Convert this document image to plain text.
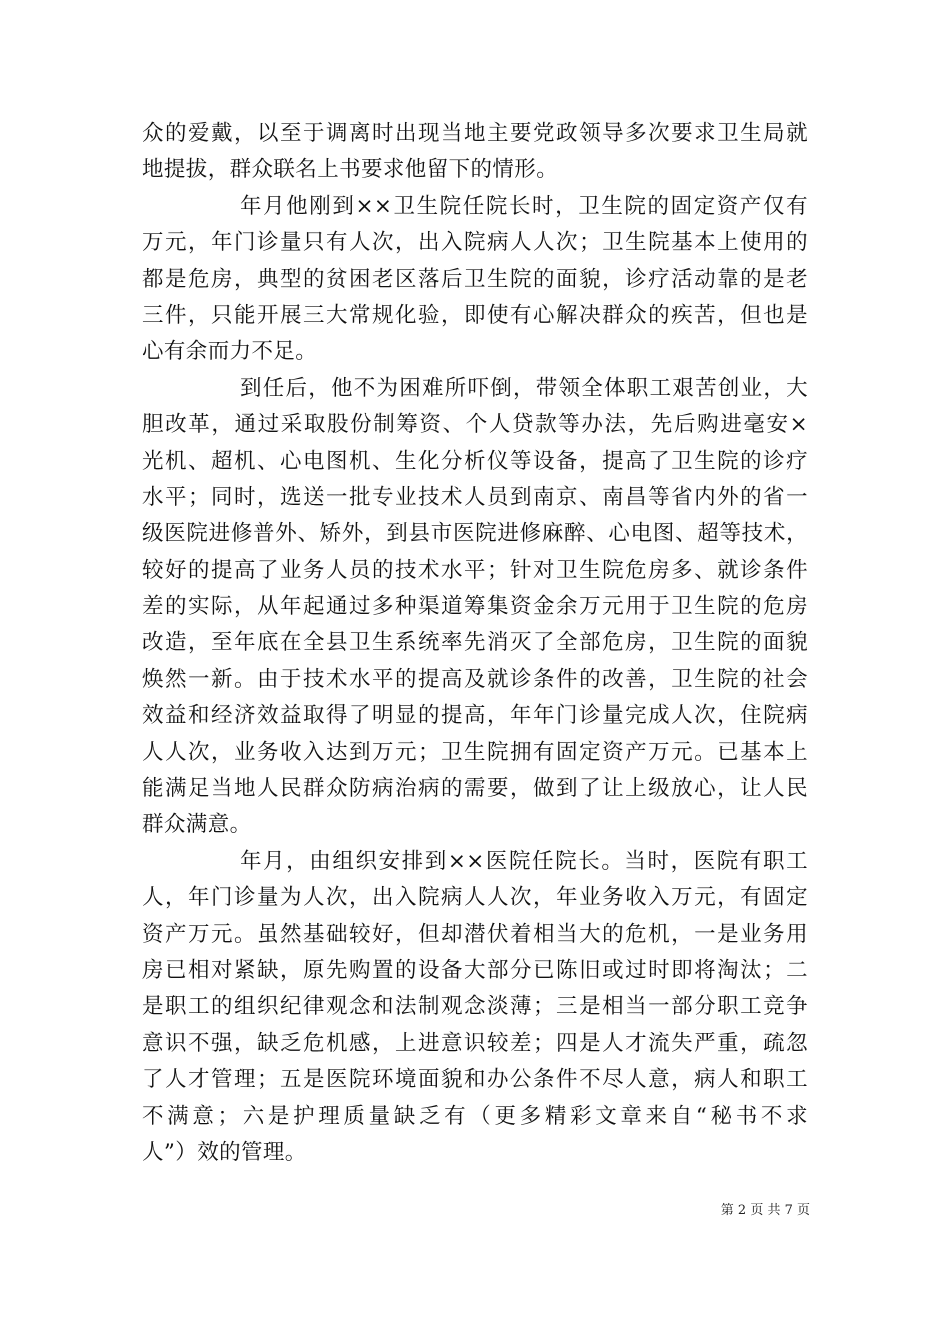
众的爱戴，以至于调离时出现当地主要党政领导多次要求卫生局就
地提拔，群众联名上书要求他留下的情形。
年月他刚到××卫生院任院长时，卫生院的固定资产仅有
万元，年门诊量只有人次，出入院病人人次；卫生院基本上使用的
都是危房，典型的贫困老区落后卫生院的面貌，诊疗活动靠的是老
三件，只能开展三大常规化验，即使有心解决群众的疾苦，但也是
心有余而力不足。
到任后，他不为困难所吓倒，带领全体职工艰苦创业，大
胆改革，通过采取股份制筹资、个人贷款等办法，先后购进毫安×
光机、超机、心电图机、生化分析仪等设备，提高了卫生院的诊疗
水平；同时，选送一批专业技术人员到南京、南昌等省内外的省一
级医院进修普外、矫外，到县市医院进修麻醉、心电图、超等技术，
较好的提高了业务人员的技术水平；针对卫生院危房多、就诊条件
差的实际，从年起通过多种渠道筹集资金余万元用于卫生院的危房
改造，至年底在全县卫生系统率先消灭了全部危房，卫生院的面貌
焕然一新。由于技术水平的提高及就诊条件的改善，卫生院的社会
效益和经济效益取得了明显的提高，年年门诊量完成人次，住院病
人人次，业务收入达到万元；卫生院拥有固定资产万元。已基本上
能满足当地人民群众防病治病的需要，做到了让上级放心，让人民
群众满意。
年月，由组织安排到××医院任院长。当时，医院有职工
人，年门诊量为人次，出入院病人人次，年业务收入万元，有固定
资产万元。虽然基础较好，但却潜伏着相当大的危机，一是业务用
房已相对紧缺，原先购置的设备大部分已陈旧或过时即将淘汰；二
是职工的组织纪律观念和法制观念淡薄；三是相当一部分职工竞争
意识不强，缺乏危机感，上进意识较差；四是人才流失严重，疏忽
了人才管理；五是医院环境面貌和办公条件不尽人意，病人和职工
不满意；六是护理质量缺乏有（更多精彩文章来自“秘书不求
人”）效的管理。
第 2 页 共 7 页
